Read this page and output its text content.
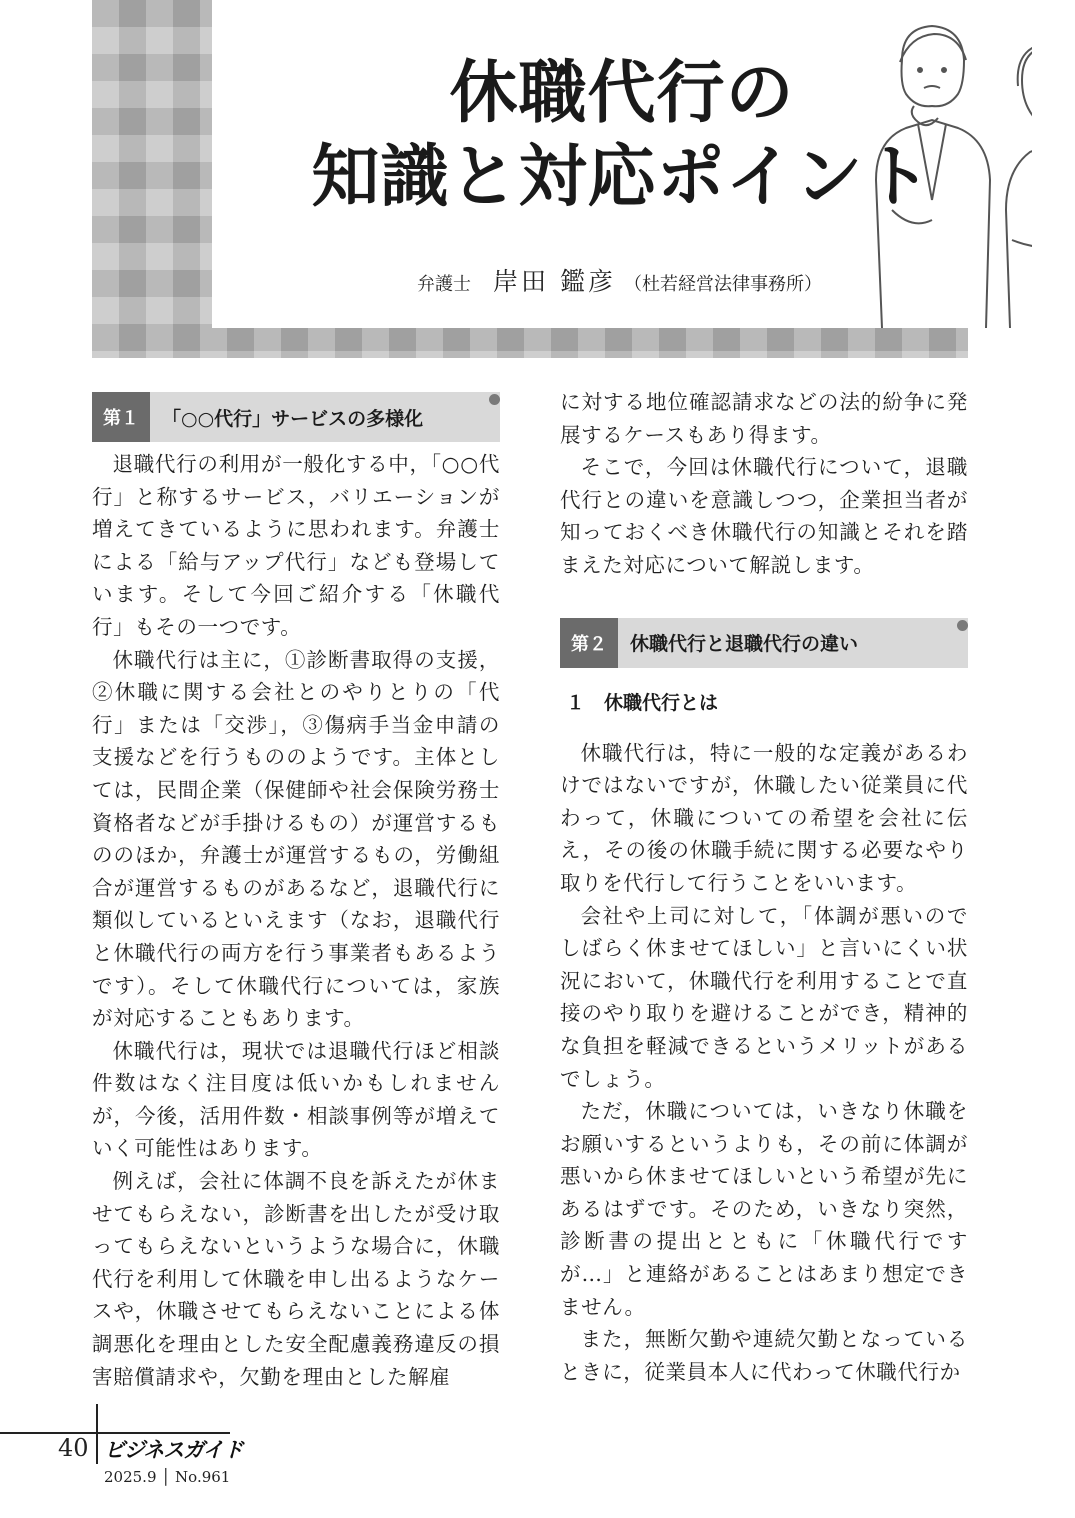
休職代行の
知識と対応ポイント
弁護士 岸田 鑑彦 （杜若経営法律事務所）
第１	「○○代行」サービスの多様化

退職代行の利用が一般化する中，「○○代行」と称するサービス，バリエーションが増えてきているように思われます。弁護士による「給与アップ代行」なども登場しています。そして今回ご紹介する「休職代行」もその一つです。

休職代行は主に，①診断書取得の支援，②休職に関する会社とのやりとりの「代行」または「交渉」，③傷病手当金申請の支援などを行うもののようです。主体としては，民間企業（保健師や社会保険労務士資格者などが手掛けるもの）が運営するもののほか，弁護士が運営するもの，労働組合が運営するものがあるなど，退職代行に類似しているといえます（なお，退職代行と休職代行の両方を行う事業者もあるようです）。そして休職代行については，家族が対応することもあります。

休職代行は，現状では退職代行ほど相談件数はなく注目度は低いかもしれませんが，今後，活用件数・相談事例等が増えていく可能性はあります。

例えば，会社に体調不良を訴えたが休ませてもらえない，診断書を出したが受け取ってもらえないというような場合に，休職代行を利用して休職を申し出るようなケースや，休職させてもらえないことによる体調悪化を理由とした安全配慮義務違反の損害賠償請求や，欠勤を理由とした解雇

に対する地位確認請求などの法的紛争に発展するケースもあり得ます。

そこで，今回は休職代行について，退職代行との違いを意識しつつ，企業担当者が知っておくべき休職代行の知識とそれを踏まえた対応について解説します。

第２	休職代行と退職代行の違い
１　休職代行とは

休職代行は，特に一般的な定義があるわけではないですが，休職したい従業員に代わって，休職についての希望を会社に伝え，その後の休職手続に関する必要なやり取りを代行して行うことをいいます。

会社や上司に対して，「体調が悪いのでしばらく休ませてほしい」と言いにくい状況において，休職代行を利用することで直接のやり取りを避けることができ，精神的な負担を軽減できるというメリットがあるでしょう。

ただ，休職については，いきなり休職をお願いするというよりも，その前に体調が悪いから休ませてほしいという希望が先にあるはずです。そのため，いきなり突然，診断書の提出とともに「休職代行ですが…」と連絡があることはあまり想定できません。

また，無断欠勤や連続欠勤となっているときに，従業員本人に代わって休職代行か

40 ビジネスガイド
2025.9 │ No.961
